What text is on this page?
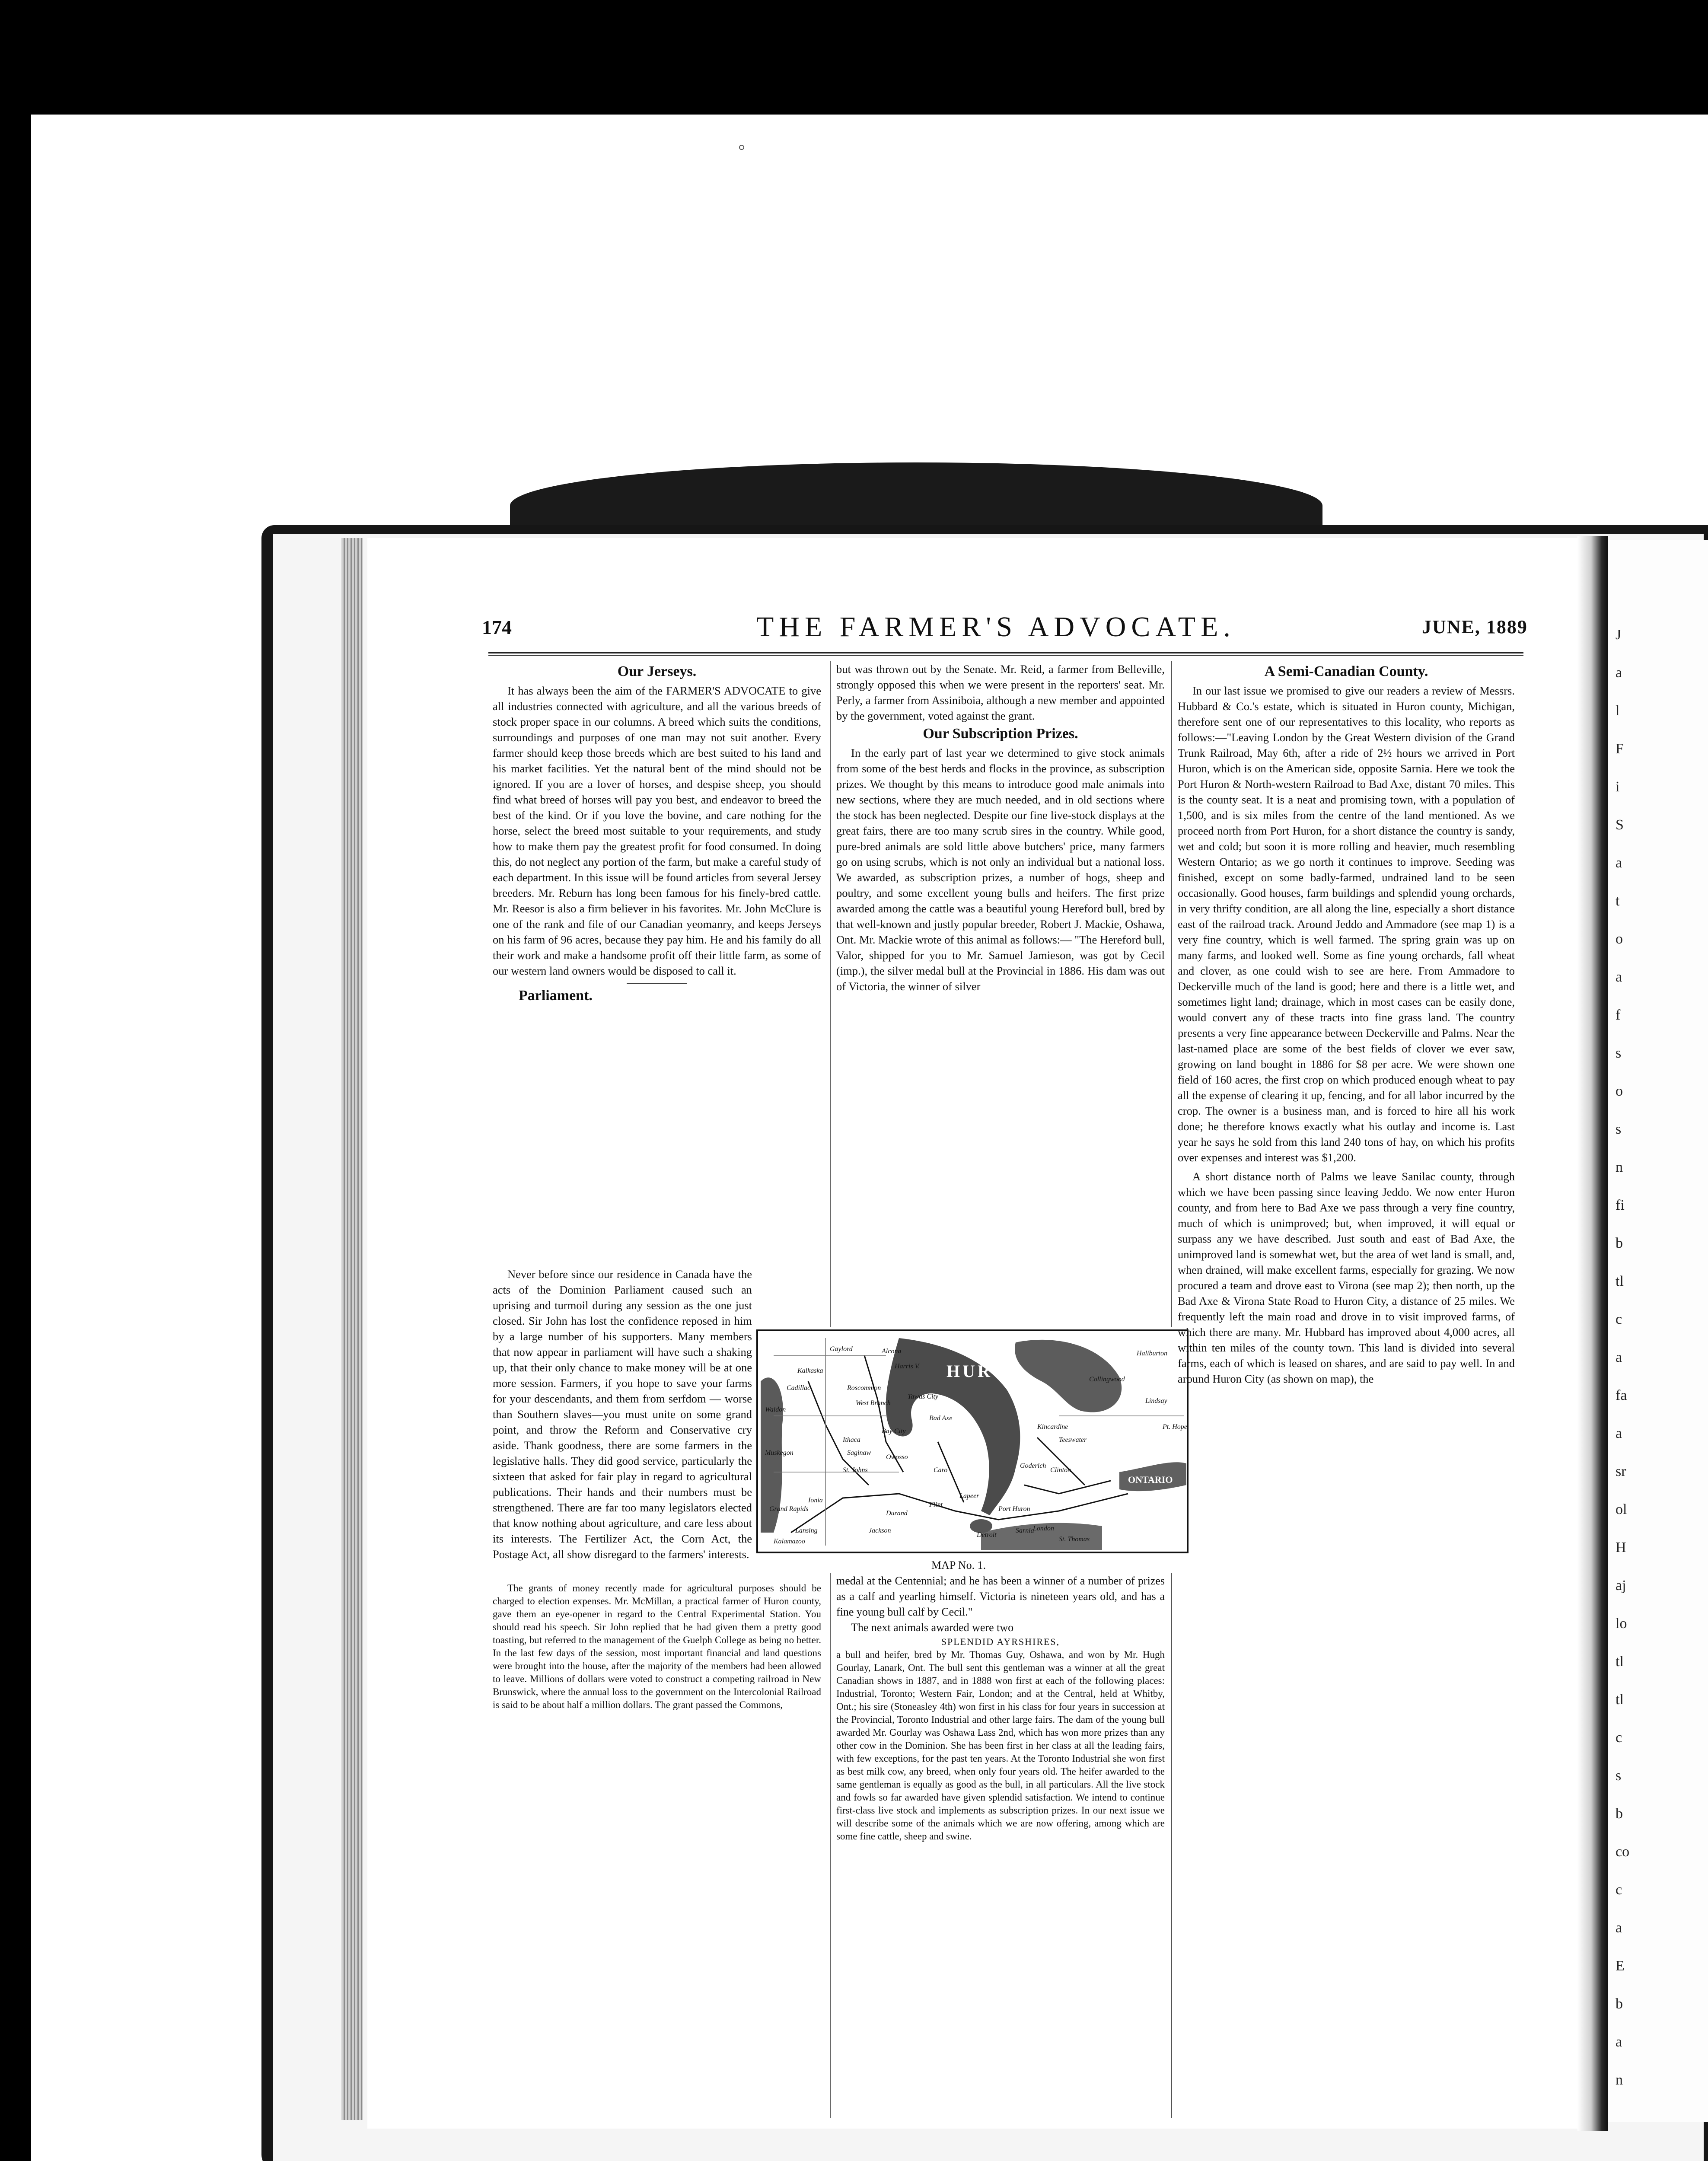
J
a
l
F
i
S
a
t
o
a
f
s
o
s
n
fi
b
tl
c
a
fa
a
sr
ol
H
aj
lo
tl
tl
c
s
b
co
c
a
E
b
a
n
174	THE FARMER'S ADVOCATE.	JUNE, 1889
Our Jerseys.

It has always been the aim of the FARMER'S ADVOCATE to give all industries connected with agriculture, and all the various breeds of stock proper space in our columns. A breed which suits the conditions, surroundings and purposes of one man may not suit another. Every farmer should keep those breeds which are best suited to his land and his market facilities. Yet the natural bent of the mind should not be ignored. If you are a lover of horses, and despise sheep, you should find what breed of horses will pay you best, and endeavor to breed the best of the kind. Or if you love the bovine, and care nothing for the horse, select the breed most suitable to your requirements, and study how to make them pay the greatest profit for food consumed. In doing this, do not neglect any portion of the farm, but make a careful study of each department. In this issue will be found articles from several Jersey breeders. Mr. Reburn has long been famous for his finely-bred cattle. Mr. Reesor is also a firm believer in his favorites. Mr. John McClure is one of the rank and file of our Canadian yeomanry, and keeps Jerseys on his farm of 96 acres, because they pay him. He and his family do all their work and make a handsome profit off their little farm, as some of our western land owners would be disposed to call it.

Parliament.

Never before since our residence in Canada have the acts of the Dominion Parliament caused such an uprising and turmoil during any session as the one just closed. Sir John has lost the confidence reposed in him by a large number of his supporters. Many members that now appear in parliament will have such a shaking up, that their only chance to make money will be at one more session. Farmers, if you hope to save your farms for your descendants, and them from serfdom — worse than Southern slaves—you must unite on some grand point, and throw the Reform and Conservative cry aside. Thank goodness, there are some farmers in the legislative halls. They did good service, particularly the sixteen that asked for fair play in regard to agricultural publications. Their hands and their numbers must be strengthened. There are far too many legislators elected that know nothing about agriculture, and care less about its interests. The Fertilizer Act, the Corn Act, the Postage Act, all show disregard to the farmers' interests.

The grants of money recently made for agricultural purposes should be charged to election expenses. Mr. McMillan, a practical farmer of Huron county, gave them an eye-opener in regard to the Central Experimental Station. You should read his speech. Sir John replied that he had given them a pretty good toasting, but referred to the management of the Guelph College as being no better. In the last few days of the session, most important financial and land questions were brought into the house, after the majority of the members had been allowed to leave. Millions of dollars were voted to construct a competing railroad in New Brunswick, where the annual loss to the government on the Intercolonial Railroad is said to be about half a million dollars. The grant passed the Commons,

but was thrown out by the Senate. Mr. Reid, a farmer from Belleville, strongly opposed this when we were present in the reporters' seat. Mr. Perly, a farmer from Assiniboia, although a new member and appointed by the government, voted against the grant.

Our Subscription Prizes.

In the early part of last year we determined to give stock animals from some of the best herds and flocks in the province, as subscription prizes. We thought by this means to introduce good male animals into new sections, where they are much needed, and in old sections where the stock has been neglected. Despite our fine live-stock displays at the great fairs, there are too many scrub sires in the country. While good, pure-bred animals are sold little above butchers' price, many farmers go on using scrubs, which is not only an individual but a national loss. We awarded, as subscription prizes, a number of hogs, sheep and poultry, and some excellent young bulls and heifers. The first prize awarded among the cattle was a beautiful young Hereford bull, bred by that well-known and justly popular breeder, Robert J. Mackie, Oshawa, Ont. Mr. Mackie wrote of this animal as follows:— "The Hereford bull, Valor, shipped for you to Mr. Samuel Jamieson, was got by Cecil (imp.), the silver medal bull at the Provincial in 1886. His dam was out of Victoria, the winner of silver

Gaylord	Alcona
Harris V.
Kalkaska
Cadillac	Roscommon
West Branch
Tawas City
Waldon
Bay City
Ithaca
Caro
Lansing
Owosso
St. Johns
Durand
Flint
Lapeer
Port Huron
Sarnia
London
Saginaw
Ionia
Grand Rapids
Kalamazoo
Kincardine
Teeswater
Goderich
Clinton
Collingwood
Haliburton
Lindsay
Pt. Hope
Bad Axe
Muskegon
Jackson
Detroit
St. Thomas
HURON
ONTARIO
MAP No. 1.

medal at the Centennial; and he has been a winner of a number of prizes as a calf and yearling himself. Victoria is nineteen years old, and has a fine young bull calf by Cecil."

The next animals awarded were two

SPLENDID AYRSHIRES,

a bull and heifer, bred by Mr. Thomas Guy, Oshawa, and won by Mr. Hugh Gourlay, Lanark, Ont. The bull sent this gentleman was a winner at all the great Canadian shows in 1887, and in 1888 won first at each of the following places: Industrial, Toronto; Western Fair, London; and at the Central, held at Whitby, Ont.; his sire (Stoneasley 4th) won first in his class for four years in succession at the Provincial, Toronto Industrial and other large fairs. The dam of the young bull awarded Mr. Gourlay was Oshawa Lass 2nd, which has won more prizes than any other cow in the Dominion. She has been first in her class at all the leading fairs, with few exceptions, for the past ten years. At the Toronto Industrial she won first as best milk cow, any breed, when only four years old. The heifer awarded to the same gentleman is equally as good as the bull, in all particulars. All the live stock and fowls so far awarded have given splendid satisfaction. We intend to continue first-class live stock and implements as subscription prizes. In our next issue we will describe some of the animals which we are now offering, among which are some fine cattle, sheep and swine.

A Semi-Canadian County.

In our last issue we promised to give our readers a review of Messrs. Hubbard & Co.'s estate, which is situated in Huron county, Michigan, therefore sent one of our representatives to this locality, who reports as follows:—"Leaving London by the Great Western division of the Grand Trunk Railroad, May 6th, after a ride of 2½ hours we arrived in Port Huron, which is on the American side, opposite Sarnia. Here we took the Port Huron & North-western Railroad to Bad Axe, distant 70 miles. This is the county seat. It is a neat and promising town, with a population of 1,500, and is six miles from the centre of the land mentioned. As we proceed north from Port Huron, for a short distance the country is sandy, wet and cold; but soon it is more rolling and heavier, much resembling Western Ontario; as we go north it continues to improve. Seeding was finished, except on some badly-farmed, undrained land to be seen occasionally. Good houses, farm buildings and splendid young orchards, in very thrifty condition, are all along the line, especially a short distance east of the railroad track. Around Jeddo and Ammadore (see map 1) is a very fine country, which is well farmed. The spring grain was up on many farms, and looked well. Some as fine young orchards, fall wheat and clover, as one could wish to see are here. From Ammadore to Deckerville much of the land is good; here and there is a little wet, and sometimes light land; drainage, which in most cases can be easily done, would convert any of these tracts into fine grass land. The country presents a very fine appearance between Deckerville and Palms. Near the last-named place are some of the best fields of clover we ever saw, growing on land bought in 1886 for $8 per acre. We were shown one field of 160 acres, the first crop on which produced enough wheat to pay all the expense of clearing it up, fencing, and for all labor incurred by the crop. The owner is a business man, and is forced to hire all his work done; he therefore knows exactly what his outlay and income is. Last year he says he sold from this land 240 tons of hay, on which his profits over expenses and interest was $1,200.

A short distance north of Palms we leave Sanilac county, through which we have been passing since leaving Jeddo. We now enter Huron county, and from here to Bad Axe we pass through a very fine country, much of which is unimproved; but, when improved, it will equal or surpass any we have described. Just south and east of Bad Axe, the unimproved land is somewhat wet, but the area of wet land is small, and, when drained, will make excellent farms, especially for grazing. We now procured a team and drove east to Virona (see map 2); then north, up the Bad Axe & Virona State Road to Huron City, a distance of 25 miles. We frequently left the main road and drove in to visit improved farms, of which there are many. Mr. Hubbard has improved about 4,000 acres, all within ten miles of the county town. This land is divided into several farms, each of which is leased on shares, and are said to pay well. In and around Huron City (as shown on map), the
